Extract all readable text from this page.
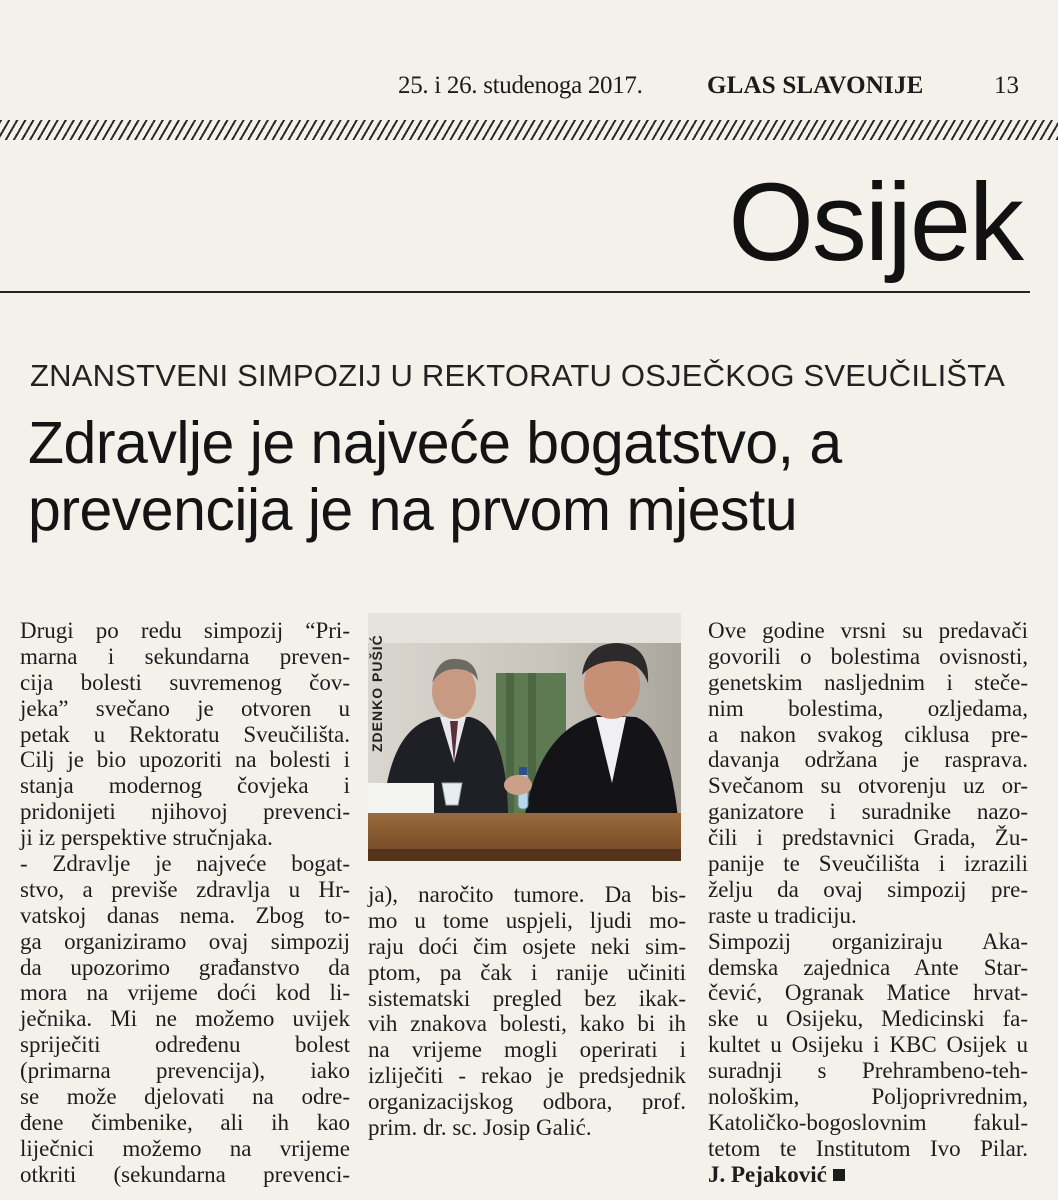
25. i 26. studenoga 2017.	GLAS SLAVONIJE	13
Osijek
ZNANSTVENI SIMPOZIJ U REKTORATU OSJEČKOG SVEUČILIŠTA
Zdravlje je najveće bogatstvo, a
prevencija je na prvom mjestu
ZDENKO PUŠIĆ
Drugi po redu simpozij “Pri-
marna i sekundarna preven-
cija bolesti suvremenog čov-
jeka” svečano je otvoren u
petak u Rektoratu Sveučilišta.
Cilj je bio upozoriti na bolesti i
stanja modernog čovjeka i
pridonijeti njihovoj prevenci-
ji iz perspektive stručnjaka.
- Zdravlje je najveće bogat-
stvo, a previše zdravlja u Hr-
vatskoj danas nema. Zbog to-
ga organiziramo ovaj simpozij
da upozorimo građanstvo da
mora na vrijeme doći kod li-
ječnika. Mi ne možemo uvijek
spriječiti određenu bolest
(primarna prevencija), iako
se može djelovati na odre-
đene čimbenike, ali ih kao
liječnici možemo na vrijeme
otkriti (sekundarna prevenci-
ja), naročito tumore. Da bis-
mo u tome uspjeli, ljudi mo-
raju doći čim osjete neki sim-
ptom, pa čak i ranije učiniti
sistematski pregled bez ikak-
vih znakova bolesti, kako bi ih
na vrijeme mogli operirati i
izliječiti - rekao je predsjednik
organizacijskog odbora, prof.
prim. dr. sc. Josip Galić.
Ove godine vrsni su predavači
govorili o bolestima ovisnosti,
genetskim nasljednim i steče-
nim bolestima, ozljedama,
a nakon svakog ciklusa pre-
davanja održana je rasprava.
Svečanom su otvorenju uz or-
ganizatore i suradnike nazo-
čili i predstavnici Grada, Žu-
panije te Sveučilišta i izrazili
želju da ovaj simpozij pre-
raste u tradiciju.
Simpozij organiziraju Aka-
demska zajednica Ante Star-
čević, Ogranak Matice hrvat-
ske u Osijeku, Medicinski fa-
kultet u Osijeku i KBC Osijek u
suradnji s Prehrambeno-teh-
nološkim, Poljoprivrednim,
Katoličko-bogoslovnim fakul-
tetom te Institutom Ivo Pilar.
J. Pejaković
